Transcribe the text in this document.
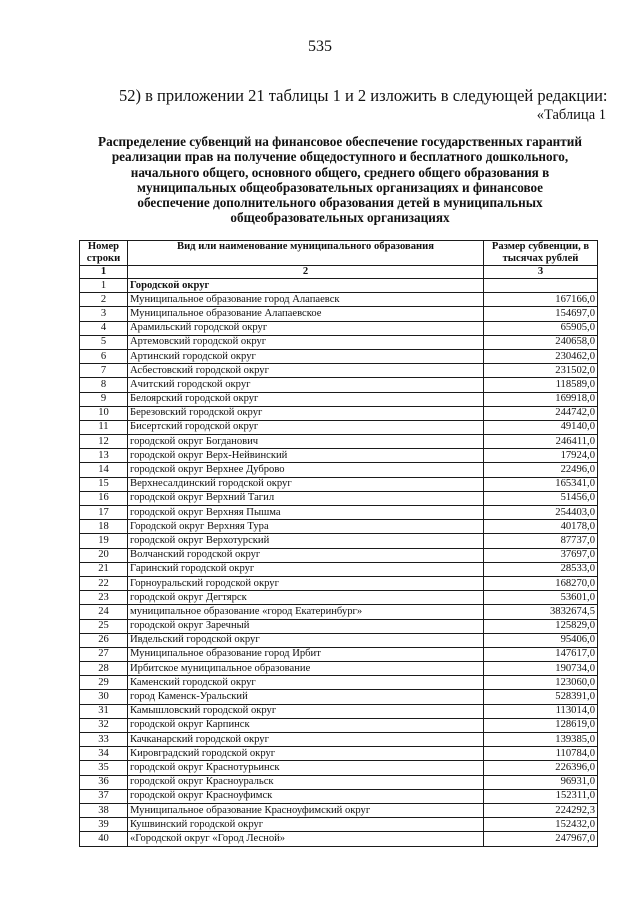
535
52) в приложении 21 таблицы 1 и 2 изложить в следующей редакции:
«Таблица 1
Распределение субвенций на финансовое обеспечение государственных гарантий
реализации прав на получение общедоступного и бесплатного дошкольного,
начального общего, основного общего, среднего общего образования в
муниципальных общеобразовательных организациях и финансовое
обеспечение дополнительного образования детей в муниципальных
общеобразовательных организациях
Номер строки	Вид или наименование муниципального образования	Размер субвенции, в тысячах рублей
1	2	3
1	Городской округ	
2	Муниципальное образование город Алапаевск	167166,0
3	Муниципальное образование Алапаевское	154697,0
4	Арамильский городской округ	65905,0
5	Артемовский городской округ	240658,0
6	Артинский городской округ	230462,0
7	Асбестовский городской округ	231502,0
8	Ачитский городской округ	118589,0
9	Белоярский городской округ	169918,0
10	Березовский городской округ	244742,0
11	Бисертский городской округ	49140,0
12	городской округ Богданович	246411,0
13	городской округ Верх-Нейвинский	17924,0
14	городской округ Верхнее Дуброво	22496,0
15	Верхнесалдинский городской округ	165341,0
16	городской округ Верхний Тагил	51456,0
17	городской округ Верхняя Пышма	254403,0
18	Городской округ Верхняя Тура	40178,0
19	городской округ Верхотурский	87737,0
20	Волчанский городской округ	37697,0
21	Гаринский городской округ	28533,0
22	Горноуральский городской округ	168270,0
23	городской округ Дегтярск	53601,0
24	муниципальное образование «город Екатеринбург»	3832674,5
25	городской округ Заречный	125829,0
26	Ивдельский городской округ	95406,0
27	Муниципальное образование город Ирбит	147617,0
28	Ирбитское муниципальное образование	190734,0
29	Каменский городской округ	123060,0
30	город Каменск-Уральский	528391,0
31	Камышловский городской округ	113014,0
32	городской округ Карпинск	128619,0
33	Качканарский городской округ	139385,0
34	Кировградский городской округ	110784,0
35	городской округ Краснотурьинск	226396,0
36	городской округ Красноуральск	96931,0
37	городской округ Красноуфимск	152311,0
38	Муниципальное образование Красноуфимский округ	224292,3
39	Кушвинский городской округ	152432,0
40	«Городской округ «Город Лесной»	247967,0
